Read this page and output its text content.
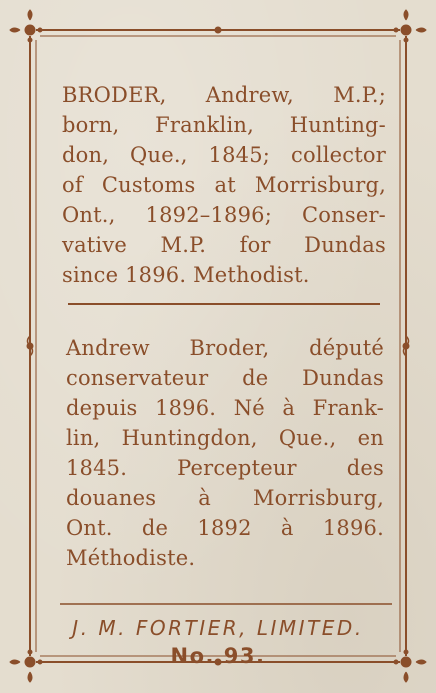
BRODER, Andrew, M.P.;
born, Franklin, Hunting-
don, Que., 1845; collector
of Customs at Morrisburg,
Ont., 1892–1896; Conser-
vative M.P. for Dundas
since 1896. Methodist.
Andrew Broder, député
conservateur de Dundas
depuis 1896. Né à Frank-
lin, Huntingdon, Que., en
1845. Percepteur des
douanes à Morrisburg,
Ont. de 1892 à 1896.
Méthodiste.
J. M. FORTIER, LIMITED.
No. 93.
